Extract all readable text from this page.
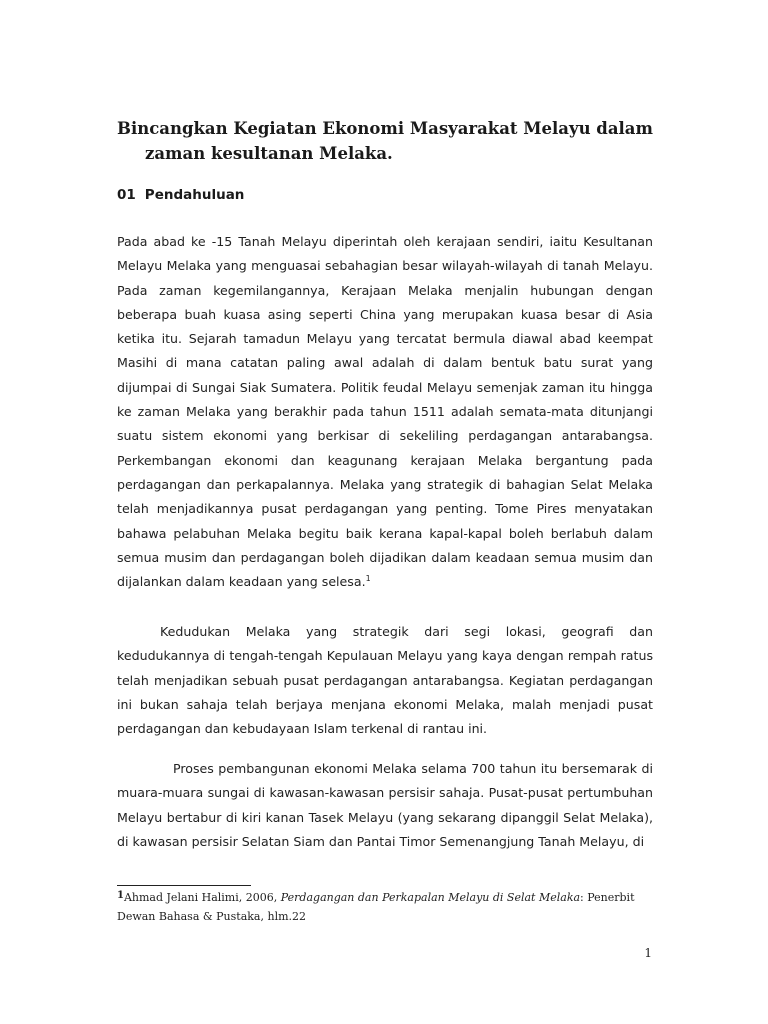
Bincangkan Kegiatan Ekonomi Masyarakat Melayu dalam
zaman kesultanan Melaka.
01 Pendahuluan

Pada abad ke -15 Tanah Melayu diperintah oleh kerajaan sendiri, iaitu Kesultanan Melayu Melaka yang menguasai sebahagian besar wilayah-wilayah di tanah Melayu. Pada zaman kegemilangannya, Kerajaan Melaka menjalin hubungan dengan beberapa buah kuasa asing seperti China yang merupakan kuasa besar di Asia ketika itu. Sejarah tamadun Melayu yang tercatat bermula diawal abad keempat Masihi di mana catatan paling awal adalah di dalam bentuk batu surat yang dijumpai di Sungai Siak Sumatera. Politik feudal Melayu semenjak zaman itu hingga ke zaman Melaka yang berakhir pada tahun 1511 adalah semata-mata ditunjangi suatu sistem ekonomi yang berkisar di sekeliling perdagangan antarabangsa. Perkembangan ekonomi dan keagunang kerajaan Melaka bergantung pada perdagangan dan perkapalannya. Melaka yang strategik di bahagian Selat Melaka telah menjadikannya pusat perdagangan yang penting. Tome Pires menyatakan bahawa pelabuhan Melaka begitu baik kerana kapal-kapal boleh berlabuh dalam semua musim dan perdagangan boleh dijadikan dalam keadaan semua musim dan dijalankan dalam keadaan yang selesa.$^1$

Kedudukan Melaka yang strategik dari segi lokasi, geografi dan kedudukannya di tengah-tengah Kepulauan Melayu yang kaya dengan rempah ratus telah menjadikan sebuah pusat perdagangan antarabangsa. Kegiatan perdagangan ini bukan sahaja telah berjaya menjana ekonomi Melaka, malah menjadi pusat perdagangan dan kebudayaan Islam terkenal di rantau ini.

Proses pembangunan ekonomi Melaka selama 700 tahun itu bersemarak di muara-muara sungai di kawasan-kawasan persisir sahaja. Pusat-pusat pertumbuhan Melayu bertabur di kiri kanan Tasek Melayu (yang sekarang dipanggil Selat Melaka), di kawasan persisir Selatan Siam dan Pantai Timor Semenangjung Tanah Melayu, di

$^1$Ahmad Jelani Halimi, 2006, Perdagangan dan Perkapalan Melayu di Selat Melaka: Penerbit Dewan Bahasa & Pustaka, hlm.22

1
